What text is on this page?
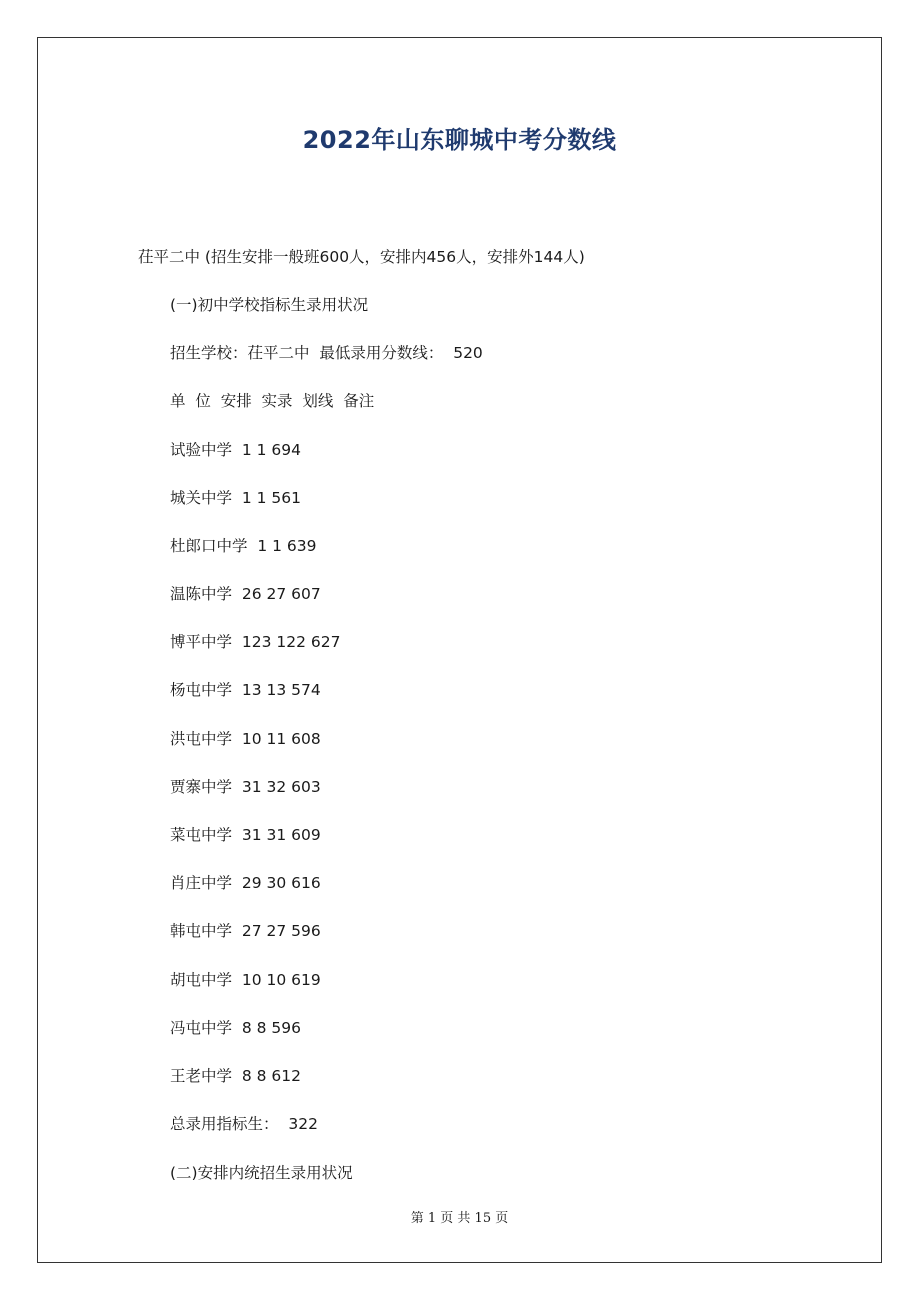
2022年山东聊城中考分数线
茌平二中 (招生安排一般班600人，安排内456人，安排外144人)
(一)初中学校指标生录用状况
招生学校：茌平二中  最低录用分数线：  520
单  位  安排  实录  划线  备注
试验中学  1 1 694
城关中学  1 1 561
杜郎口中学  1 1 639
温陈中学  26 27 607
博平中学  123 122 627
杨屯中学  13 13 574
洪屯中学  10 11 608
贾寨中学  31 32 603
菜屯中学  31 31 609
肖庄中学  29 30 616
韩屯中学  27 27 596
胡屯中学  10 10 619
冯屯中学  8 8 596
王老中学  8 8 612
总录用指标生：  322
(二)安排内统招生录用状况
第 1 页 共 15 页
